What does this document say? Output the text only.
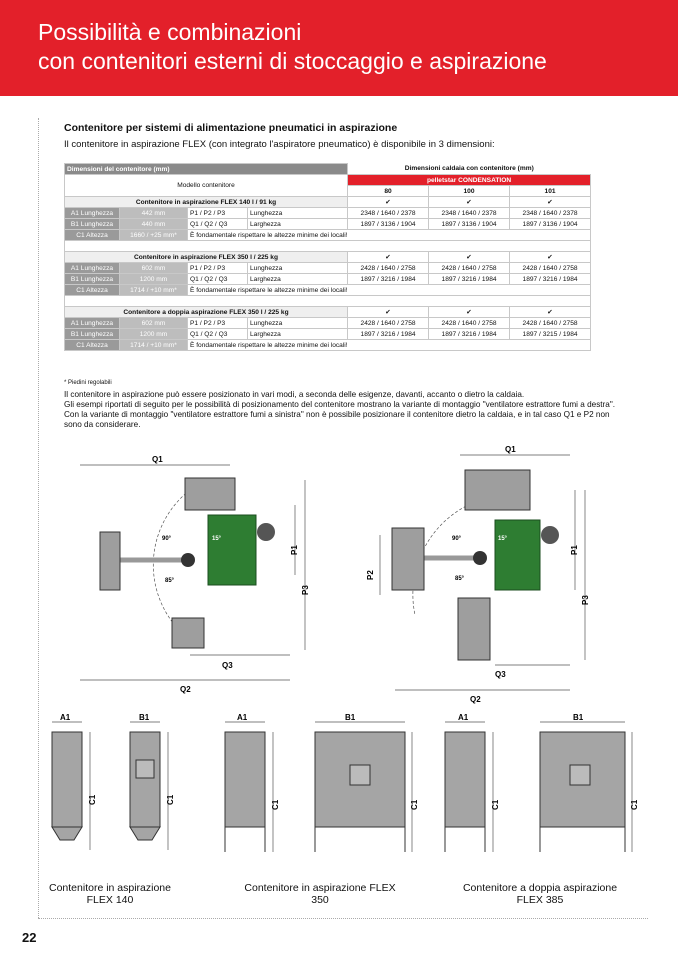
Possibilità e combinazioni
con contenitori esterni di stoccaggio e aspirazione
Contenitore per sistemi di alimentazione pneumatici in aspirazione
Il contenitore in aspirazione FLEX (con integrato l'aspiratore pneumatico) è disponibile in 3 dimensioni:
Dimensioni del contenitore (mm)				Dimensioni caldaia con contenitore (mm)		
Modello contenitore				pelletstar CONDENSATION		
				80	100	101
Contenitore in aspirazione FLEX 140 l / 91 kg				✔	✔	✔
A1 Lunghezza	442 mm	P1 / P2 / P3	Lunghezza	2348 / 1640 / 2378	2348 / 1640 / 2378	2348 / 1640 / 2378
B1 Lunghezza	440 mm	Q1 / Q2 / Q3	Larghezza	1897 / 3136 / 1904	1897 / 3136 / 1904	1897 / 3136 / 1904
C1 Altezza	1660 / +25 mm*	È fondamentale rispettare le altezze minime dei locali!				

Contenitore in aspirazione FLEX 350 l / 225 kg				✔	✔	✔
A1 Lunghezza	602 mm	P1 / P2 / P3	Lunghezza	2428 / 1640 / 2758	2428 / 1640 / 2758	2428 / 1640 / 2758
B1 Lunghezza	1200 mm	Q1 / Q2 / Q3	Larghezza	1897 / 3216 / 1984	1897 / 3216 / 1984	1897 / 3216 / 1984
C1 Altezza	1714 / +10 mm*	È fondamentale rispettare le altezze minime dei locali!				

Contenitore a doppia aspirazione FLEX 350 l / 225 kg				✔	✔	✔
A1 Lunghezza	602 mm	P1 / P2 / P3	Lunghezza	2428 / 1640 / 2758	2428 / 1640 / 2758	2428 / 1640 / 2758
B1 Lunghezza	1200 mm	Q1 / Q2 / Q3	Larghezza	1897 / 3216 / 1984	1897 / 3216 / 1984	1897 / 3215 / 1984
C1 Altezza	1714 / +10 mm*	È fondamentale rispettare le altezze minime dei locali!				
* Piedini regolabili
Il contenitore in aspirazione può essere posizionato in vari modi, a seconda delle esigenze, davanti, accanto o dietro la caldaia.
Gli esempi riportati di seguito per le possibilità di posizionamento del contenitore mostrano la variante di montaggio "ventilatore estrattore fumi a destra".
Con la variante di montaggio "ventilatore estrattore fumi a sinistra" non è possibile posizionare il contenitore dietro la caldaia, e in tal caso Q1 e P2 non
sono da considerare.
Q1
Q3
Q2
P1
P3
90°
85°
15°
Q1
Q3
Q2
P1
P3
P2
90°
85°
15°
A1
C1
B1
C1
A1
C1
B1
C1
A1
C1
B1
C1
Contenitore in aspirazione
FLEX 140
Contenitore in aspirazione FLEX
350
Contenitore a doppia aspirazione
FLEX 385
22
